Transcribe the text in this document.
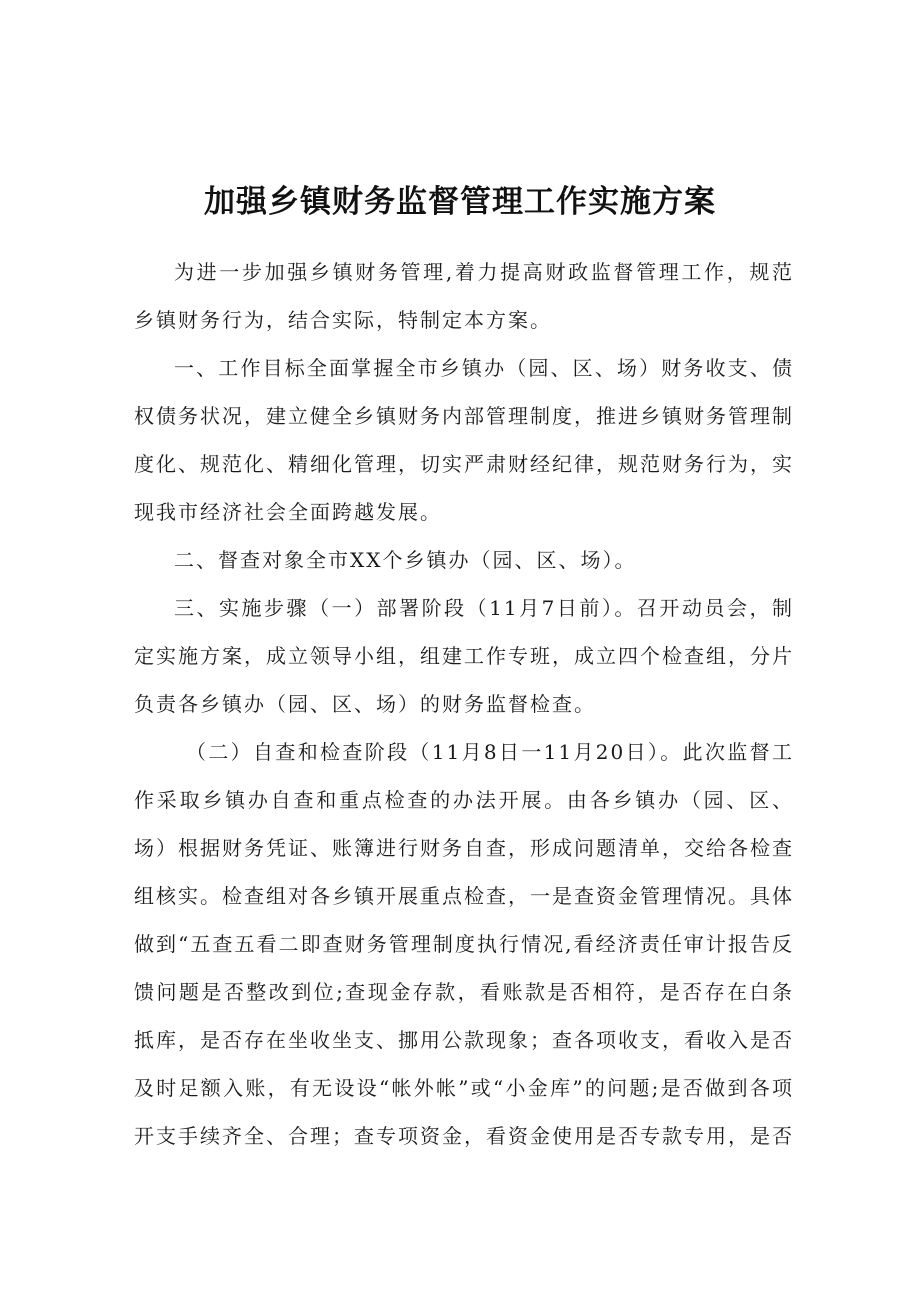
加强乡镇财务监督管理工作实施方案

为进一步加强乡镇财务管理,着力提高财政监督管理工作，规范乡镇财务行为，结合实际，特制定本方案。

一、工作目标全面掌握全市乡镇办（园、区、场）财务收支、债权债务状况，建立健全乡镇财务内部管理制度，推进乡镇财务管理制度化、规范化、精细化管理，切实严肃财经纪律，规范财务行为，实现我市经济社会全面跨越发展。

二、督查对象全市XX个乡镇办（园、区、场）。

三、实施步骤（一）部署阶段（11月7日前）。召开动员会，制定实施方案，成立领导小组，组建工作专班，成立四个检查组，分片负责各乡镇办（园、区、场）的财务监督检查。

（二）自查和检查阶段（11月8日一11月20日）。此次监督工作采取乡镇办自查和重点检查的办法开展。由各乡镇办（园、区、场）根据财务凭证、账簿进行财务自查，形成问题清单，交给各检查组核实。检查组对各乡镇开展重点检查，一是查资金管理情况。具体做到“五查五看二即查财务管理制度执行情况,看经济责任审计报告反馈问题是否整改到位;查现金存款，看账款是否相符，是否存在白条抵库，是否存在坐收坐支、挪用公款现象；查各项收支，看收入是否及时足额入账，有无设设“帐外帐”或“小金库”的问题;是否做到各项开支手续齐全、合理；查专项资金，看资金使用是否专款专用，是否
